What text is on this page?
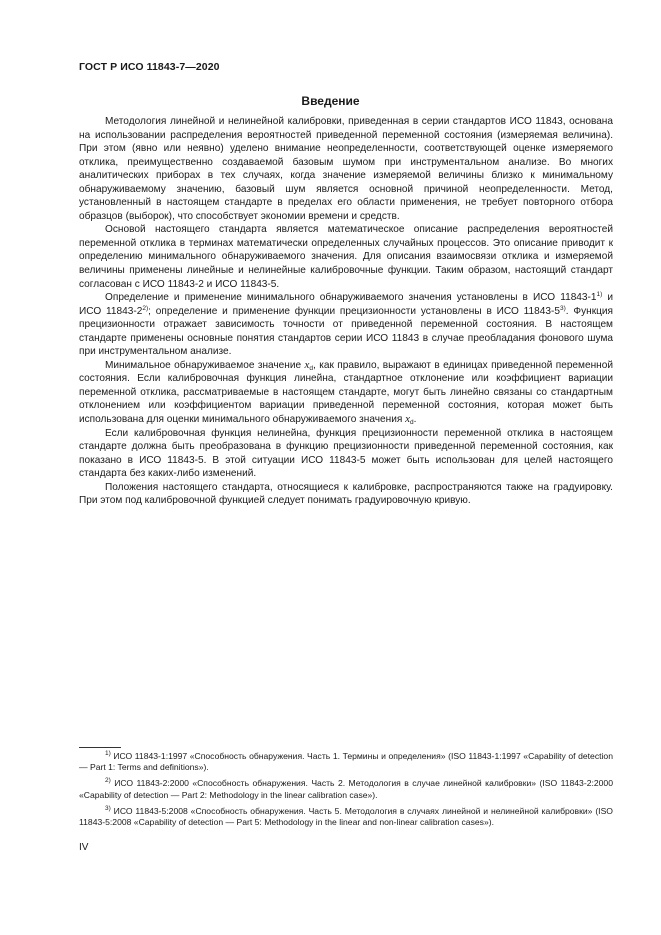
ГОСТ Р ИСО 11843-7—2020
Введение

Методология линейной и нелинейной калибровки, приведенная в серии стандартов ИСО 11843, основана на использовании распределения вероятностей приведенной переменной состояния (измеряемая величина). При этом (явно или неявно) уделено внимание неопределенности, соответствующей оценке измеряемого отклика, преимущественно создаваемой базовым шумом при инструментальном анализе. Во многих аналитических приборах в тех случаях, когда значение измеряемой величины близко к минимальному обнаруживаемому значению, базовый шум является основной причиной неопределенности. Метод, установленный в настоящем стандарте в пределах его области применения, не требует повторного отбора образцов (выборок), что способствует экономии времени и средств.

Основой настоящего стандарта является математическое описание распределения вероятностей переменной отклика в терминах математически определенных случайных процессов. Это описание приводит к определению минимального обнаруживаемого значения. Для описания взаимосвязи отклика и измеряемой величины применены линейные и нелинейные калибровочные функции. Таким образом, настоящий стандарт согласован с ИСО 11843-2 и ИСО 11843-5.

Определение и применение минимального обнаруживаемого значения установлены в ИСО 11843-1$^{1)}$ и ИСО 11843-2$^{2)}$; определение и применение функции прецизионности установлены в ИСО 11843-5$^{3)}$. Функция прецизионности отражает зависимость точности от приведенной переменной состояния. В настоящем стандарте применены основные понятия стандартов серии ИСО 11843 в случае преобладания фонового шума при инструментальном анализе.

Минимальное обнаруживаемое значение $x_d$, как правило, выражают в единицах приведенной переменной состояния. Если калибровочная функция линейна, стандартное отклонение или коэффициент вариации переменной отклика, рассматриваемые в настоящем стандарте, могут быть линейно связаны со стандартным отклонением или коэффициентом вариации приведенной переменной состояния, которая может быть использована для оценки минимального обнаруживаемого значения $x_d$.

Если калибровочная функция нелинейна, функция прецизионности переменной отклика в настоящем стандарте должна быть преобразована в функцию прецизионности приведенной переменной состояния, как показано в ИСО 11843-5. В этой ситуации ИСО 11843-5 может быть использован для целей настоящего стандарта без каких-либо изменений.

Положения настоящего стандарта, относящиеся к калибровке, распространяются также на градуировку. При этом под калибровочной функцией следует понимать градуировочную кривую.

$^{1)}$ ИСО 11843-1:1997 «Способность обнаружения. Часть 1. Термины и определения» (ISO 11843-1:1997 «Capability of detection — Part 1: Terms and definitions»).

$^{2)}$ ИСО 11843-2:2000 «Способность обнаружения. Часть 2. Методология в случае линейной калибровки» (ISO 11843-2:2000 «Capability of detection — Part 2: Methodology in the linear calibration case»).

$^{3)}$ ИСО 11843-5:2008 «Способность обнаружения. Часть 5. Методология в случаях линейной и нелинейной калибровки» (ISO 11843-5:2008 «Capability of detection — Part 5: Methodology in the linear and non-linear calibration cases»).

IV
